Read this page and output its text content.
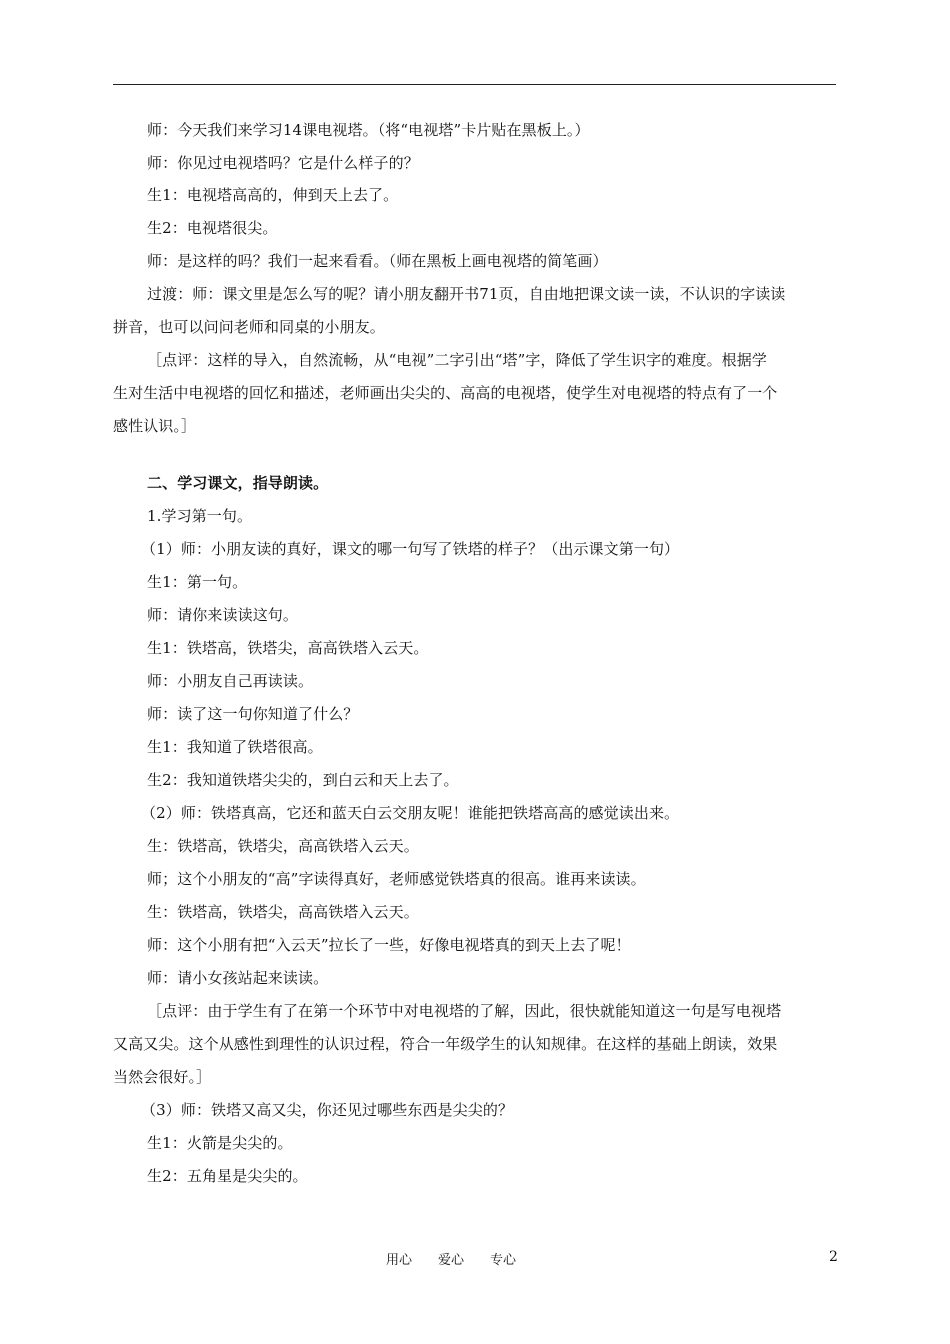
师：今天我们来学习14课电视塔。（将“电视塔”卡片贴在黑板上。）
师：你见过电视塔吗？它是什么样子的？
生1：电视塔高高的，伸到天上去了。
生2：电视塔很尖。
师：是这样的吗？我们一起来看看。（师在黑板上画电视塔的简笔画）
过渡：师：课文里是怎么写的呢？请小朋友翻开书71页，自由地把课文读一读，不认识的字读读
拼音，也可以问问老师和同桌的小朋友。
［点评：这样的导入，自然流畅，从“电视”二字引出“塔”字，降低了学生识字的难度。根据学
生对生活中电视塔的回忆和描述，老师画出尖尖的、高高的电视塔，使学生对电视塔的特点有了一个
感性认识。］
二、学习课文，指导朗读。
1.学习第一句。
（1）师：小朋友读的真好，课文的哪一句写了铁塔的样子？（出示课文第一句）
生1：第一句。
师：请你来读读这句。
生1：铁塔高，铁塔尖，高高铁塔入云天。
师：小朋友自己再读读。
师：读了这一句你知道了什么？
生1：我知道了铁塔很高。
生2：我知道铁塔尖尖的，到白云和天上去了。
（2）师：铁塔真高，它还和蓝天白云交朋友呢！谁能把铁塔高高的感觉读出来。
生：铁塔高，铁塔尖，高高铁塔入云天。
师；这个小朋友的“高”字读得真好，老师感觉铁塔真的很高。谁再来读读。
生：铁塔高，铁塔尖，高高铁塔入云天。
师：这个小朋有把“入云天”拉长了一些，好像电视塔真的到天上去了呢！
师：请小女孩站起来读读。
［点评：由于学生有了在第一个环节中对电视塔的了解，因此，很快就能知道这一句是写电视塔
又高又尖。这个从感性到理性的认识过程，符合一年级学生的认知规律。在这样的基础上朗读，效果
当然会很好。］
（3）师：铁塔又高又尖，你还见过哪些东西是尖尖的？
生1：火箭是尖尖的。
生2：五角星是尖尖的。
用心　　爱心　　专心	2
